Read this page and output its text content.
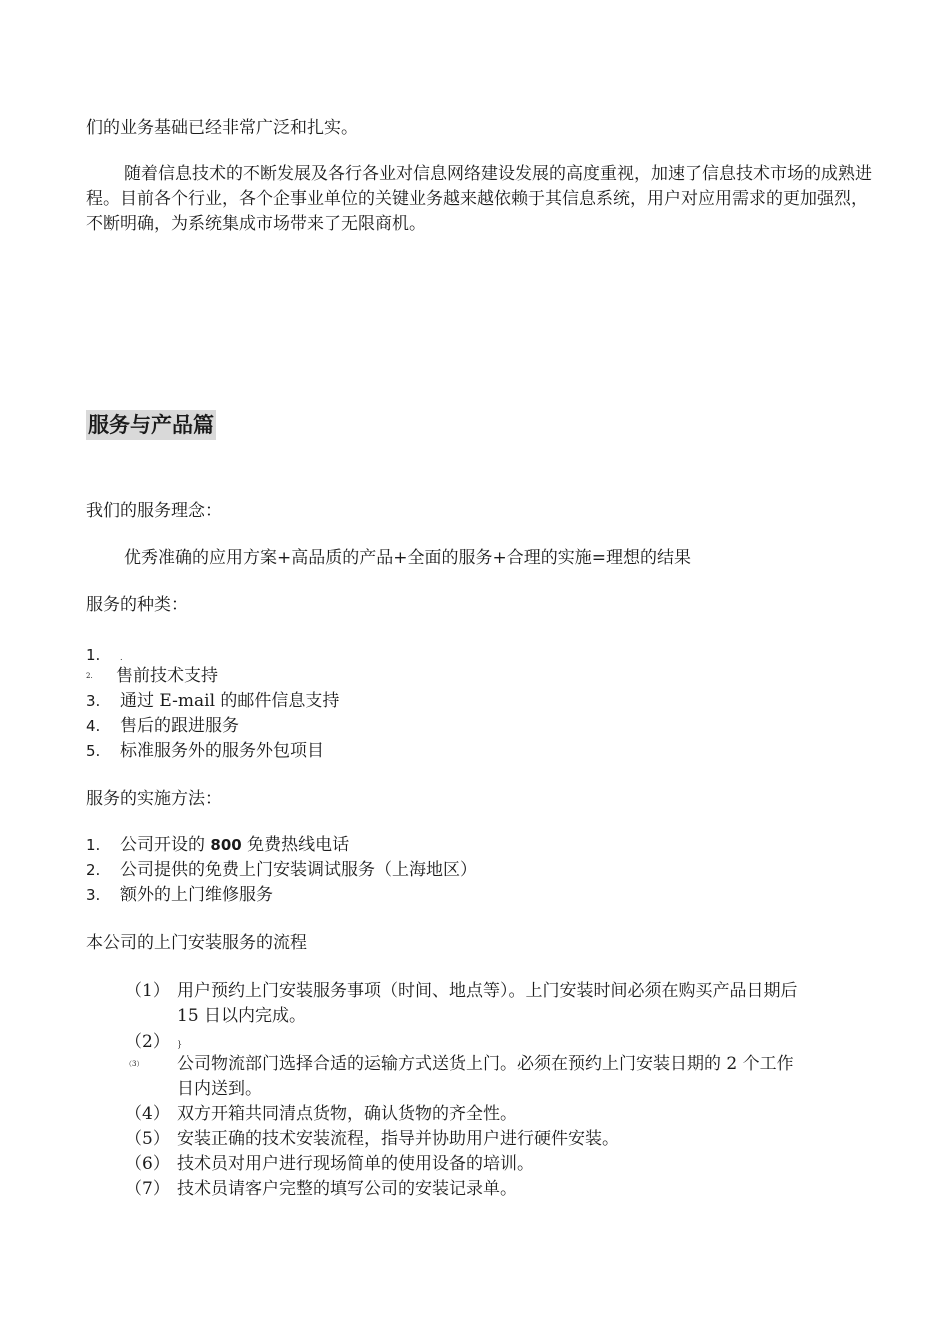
们的业务基础已经非常广泛和扎实。

随着信息技术的不断发展及各行各业对信息网络建设发展的高度重视，加速了信息技术市场的成熟进程。目前各个行业，各个企事业单位的关键业务越来越依赖于其信息系统，用户对应用需求的更加强烈，不断明确，为系统集成市场带来了无限商机。

服务与产品篇

我们的服务理念：

优秀准确的应用方案+高品质的产品+全面的服务+合理的实施=理想的结果

服务的种类：

1. .
2. 售前技术支持
3. 通过 E-mail 的邮件信息支持
4. 售后的跟进服务
5. 标准服务外的服务外包项目

服务的实施方法：

1. 公司开设的 800 免费热线电话
2. 公司提供的免费上门安装调试服务（上海地区）
3. 额外的上门维修服务

本公司的上门安装服务的流程

（1） 用户预约上门安装服务事项（时间、地点等）。上门安装时间必须在购买产品日期后
15 日以内完成。
（2） }
（3） 公司物流部门选择合适的运输方式送货上门。必须在预约上门安装日期的 2 个工作
日内送到。
（4） 双方开箱共同清点货物，确认货物的齐全性。
（5） 安装正确的技术安装流程，指导并协助用户进行硬件安装。
（6） 技术员对用户进行现场简单的使用设备的培训。
（7） 技术员请客户完整的填写公司的安装记录单。
